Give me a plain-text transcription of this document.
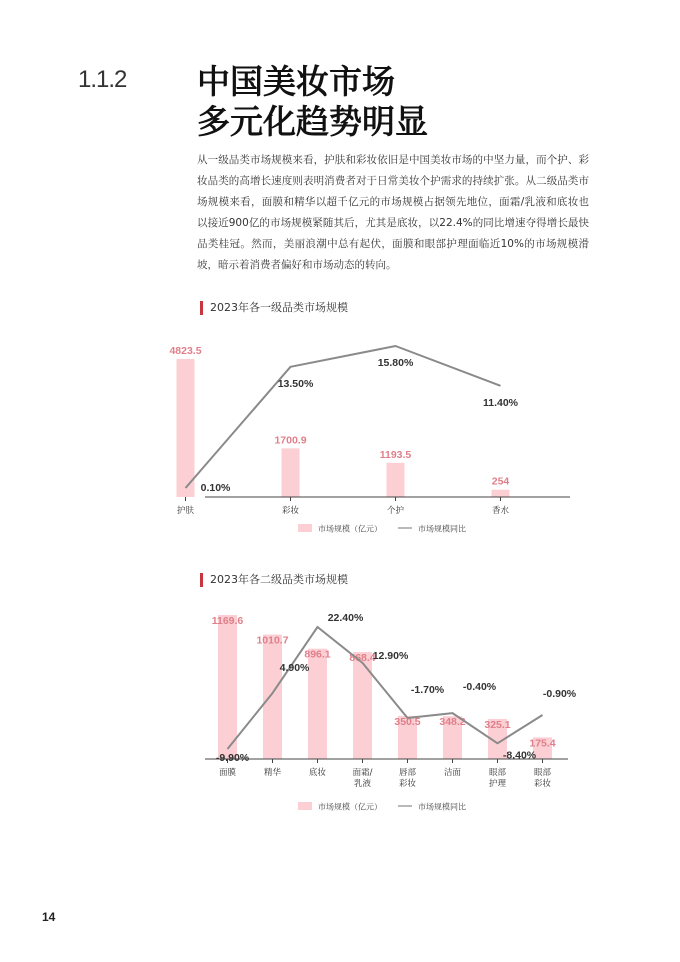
1.1.2 中国美妆市场
多元化趋势明显

从一级品类市场规模来看，护肤和彩妆依旧是中国美妆市场的中坚力量，而个护、彩妆品类的高增长速度则表明消费者对于日常美妆个护需求的持续扩张。从二级品类市场规模来看，面膜和精华以超千亿元的市场规模占据领先地位，面霜/乳液和底妆也以接近900亿的市场规模紧随其后，尤其是底妆，以22.4%的同比增速夺得增长最快品类桂冠。然而，美丽浪潮中总有起伏，面膜和眼部护理面临近10%的市场规模滑坡，暗示着消费者偏好和市场动态的转向。

2023年各一级品类市场规模
4823.5
1700.9
1193.5
254
0.10%
13.50%
15.80%
11.40%
护肤	彩妆	个护	香水
市场规模（亿元）	市场规模同比
2023年各二级品类市场规模
1169.6
1010.7
896.1 868.4
350.5 348.2 325.1
175.4
-9.90%
4.90%
22.40%
12.90%
-1.70% -0.40%
-8.40%
-0.90%
面膜	精华	底妆	面霜/乳液
唇部彩妆
洁面	眼部护理
眼部彩妆
市场规模（亿元）	市场规模同比
14
